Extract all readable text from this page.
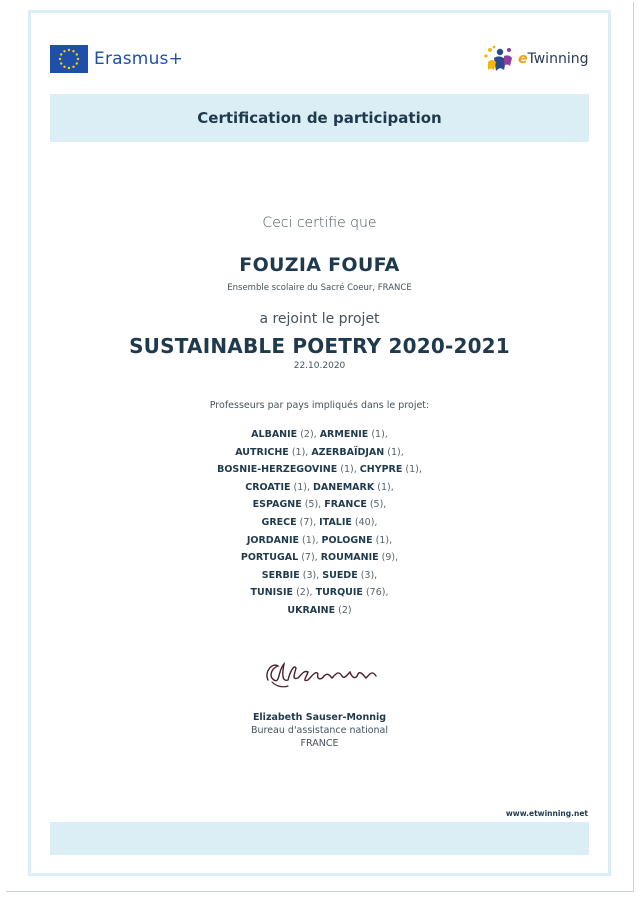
Erasmus+	eTwinning
Certification de participation
Ceci certifie que
FOUZIA FOUFA
Ensemble scolaire du Sacré Coeur, FRANCE
a rejoint le projet
SUSTAINABLE POETRY 2020-2021
22.10.2020
Professeurs par pays impliqués dans le projet:
ALBANIE (2), ARMENIE (1),
AUTRICHE (1), AZERBAÏDJAN (1),
BOSNIE-HERZEGOVINE (1), CHYPRE (1),
CROATIE (1), DANEMARK (1),
ESPAGNE (5), FRANCE (5),
GRECE (7), ITALIE (40),
JORDANIE (1), POLOGNE (1),
PORTUGAL (7), ROUMANIE (9),
SERBIE (3), SUEDE (3),
TUNISIE (2), TURQUIE (76),
UKRAINE (2)
Elizabeth Sauser-Monnig
Bureau d'assistance national
FRANCE
www.etwinning.net
